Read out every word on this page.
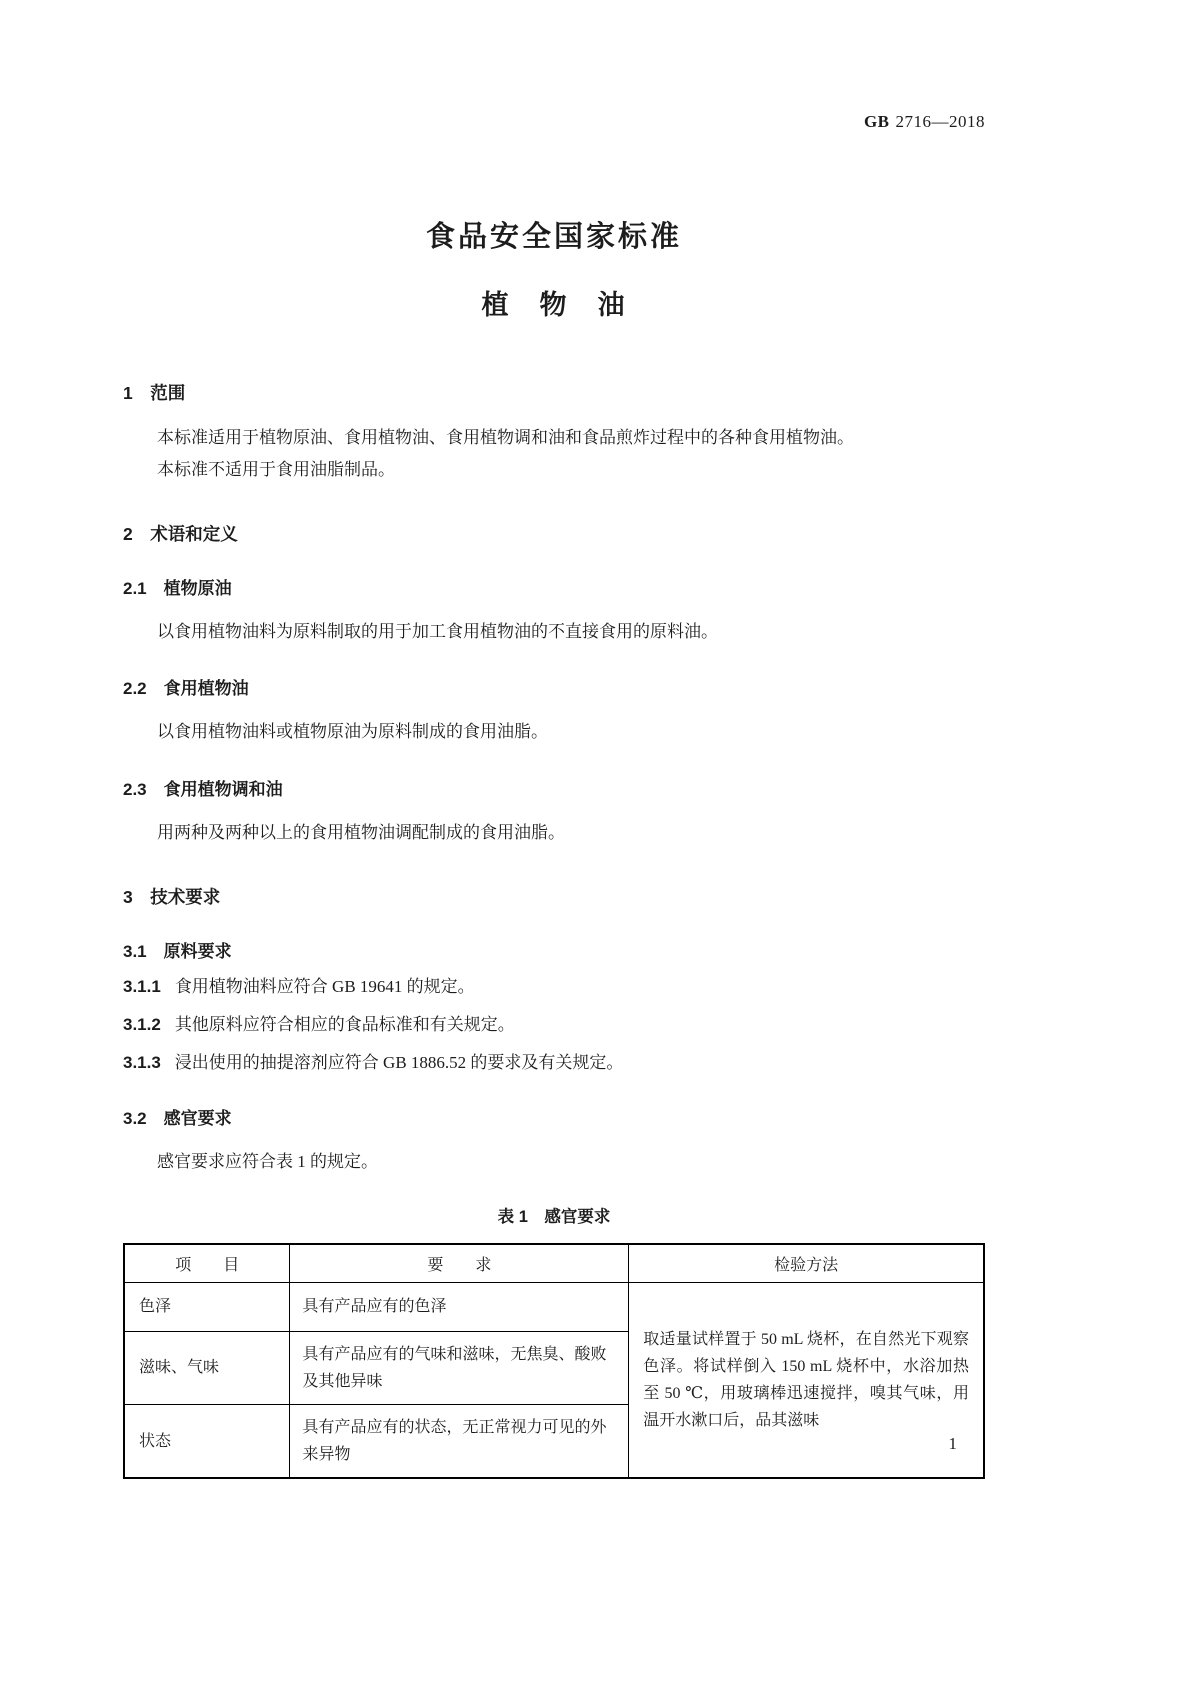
GB 2716—2018
食品安全国家标准
植　物　油
1　范围

本标准适用于植物原油、食用植物油、食用植物调和油和食品煎炸过程中的各种食用植物油。

本标准不适用于食用油脂制品。

2　术语和定义
2.1　植物原油

以食用植物油料为原料制取的用于加工食用植物油的不直接食用的原料油。

2.2　食用植物油

以食用植物油料或植物原油为原料制成的食用油脂。

2.3　食用植物调和油

用两种及两种以上的食用植物油调配制成的食用油脂。

3　技术要求
3.1　原料要求

3.1.1 食用植物油料应符合 GB 19641 的规定。

3.1.2 其他原料应符合相应的食品标准和有关规定。

3.1.3 浸出使用的抽提溶剂应符合 GB 1886.52 的要求及有关规定。

3.2　感官要求

感官要求应符合表 1 的规定。

表 1　感官要求

项　　目	要　　求	检验方法
色泽	具有产品应有的色泽	取适量试样置于 50 mL 烧杯，在自然光下观察色泽。将试样倒入 150 mL 烧杯中，水浴加热至 50 ℃，用玻璃棒迅速搅拌，嗅其气味，用温开水漱口后，品其滋味
滋味、气味	具有产品应有的气味和滋味，无焦臭、酸败及其他异味	
状态	具有产品应有的状态，无正常视力可见的外来异物	
1
